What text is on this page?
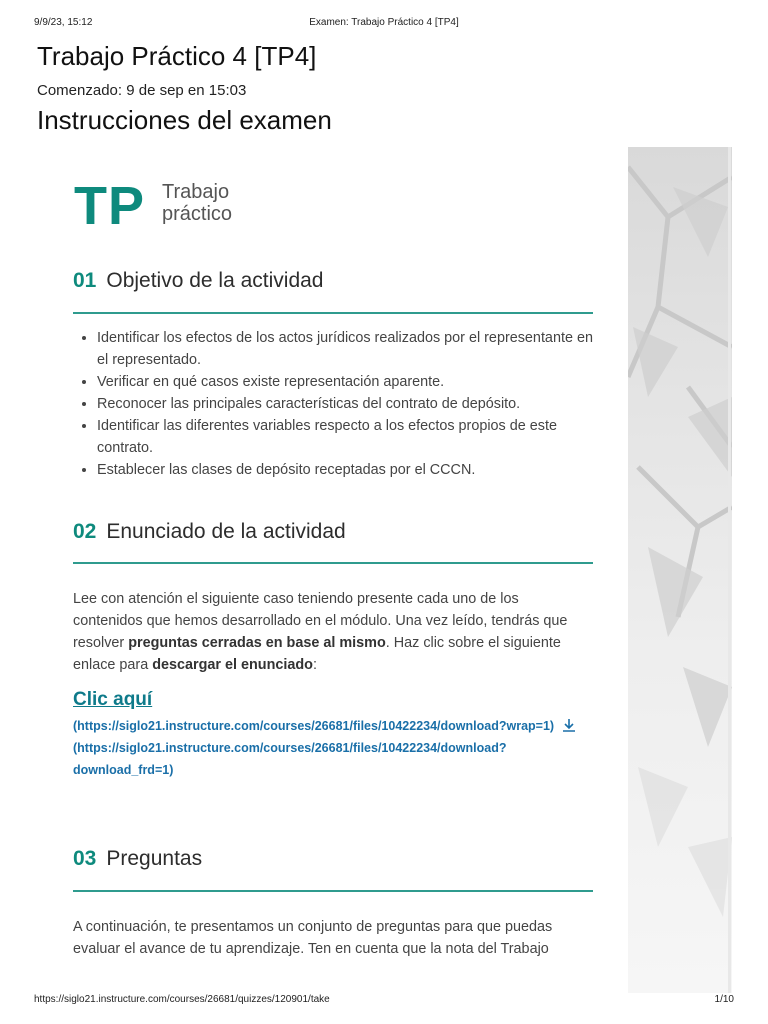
9/9/23, 15:12	Examen: Trabajo Práctico 4 [TP4]
Trabajo Práctico 4 [TP4]
Comenzado: 9 de sep en 15:03
Instrucciones del examen
TP Trabajo
práctico
01 Objetivo de la actividad
• Identificar los efectos de los actos jurídicos realizados por el representante en el representado.
• Verificar en qué casos existe representación aparente.
• Reconocer las principales características del contrato de depósito.
• Identificar las diferentes variables respecto a los efectos propios de este contrato.
• Establecer las clases de depósito receptadas por el CCCN.
02 Enunciado de la actividad

Lee con atención el siguiente caso teniendo presente cada uno de los contenidos que hemos desarrollado en el módulo. Una vez leído, tendrás que resolver preguntas cerradas en base al mismo. Haz clic sobre el siguiente enlace para descargar el enunciado:

Clic aquí
(https://siglo21.instructure.com/courses/26681/files/10422234/download?wrap=1)
(https://siglo21.instructure.com/courses/26681/files/10422234/download?download_frd=1)
03 Preguntas

A continuación, te presentamos un conjunto de preguntas para que puedas evaluar el avance de tu aprendizaje. Ten en cuenta que la nota del Trabajo

https://siglo21.instructure.com/courses/26681/quizzes/120901/take	1/10
